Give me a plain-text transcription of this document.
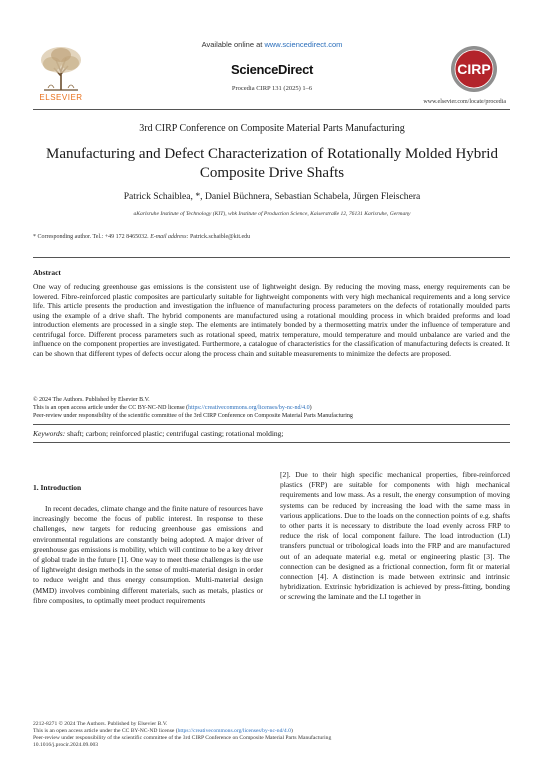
Available online at www.sciencedirect.com
ELSEVIER
ScienceDirect
Procedia CIRP 131 (2025) 1–6
CIRP
www.elsevier.com/locate/procedia
3rd CIRP Conference on Composite Material Parts Manufacturing
Manufacturing and Defect Characterization of Rotationally Molded Hybrid Composite Drive Shafts
Patrick Schaiblea, *, Daniel Büchnera, Sebastian Schabela, Jürgen Fleischera
aKarlsruhe Institute of Technology (KIT), wbk Institute of Production Science, Kaiserstraße 12, 76131 Karlsruhe, Germany
* Corresponding author. Tel.: +49 172 8465032. E-mail address: Patrick.schaible@kit.edu
Abstract
One way of reducing greenhouse gas emissions is the consistent use of lightweight design. By reducing the moving mass, energy requirements can be lowered. Fibre-reinforced plastic composites are particularly suitable for lightweight components with very high mechanical requirements and a long service life. This article presents the production and investigation the influence of manufacturing process parameters on the defects of rotationally moulded parts using the example of a drive shaft. The hybrid components are manufactured using a rotational moulding process in which braided preforms and load introduction elements are processed in a single step. The elements are intimately bonded by a thermosetting matrix under the influence of temperature and centrifugal force. Different process parameters such as rotational speed, matrix temperature, mould temperature and mould unbalance are varied and the influence on the component properties are investigated. Furthermore, a catalogue of characteristics for the classification of manufacturing defects is created. It can be shown that different types of defects occur along the process chain and suitable measurements to minimize the defects are proposed.
© 2024 The Authors. Published by Elsevier B.V.
This is an open access article under the CC BY-NC-ND license (https://creativecommons.org/licenses/by-nc-nd/4.0)
Peer-review under responsibility of the scientific committee of the 3rd CIRP Conference on Composite Material Parts Manufacturing
Keywords: shaft; carbon; reinforced plastic; centrifugal casting; rotational molding;
1. Introduction
In recent decades, climate change and the finite nature of resources have increasingly become the focus of public interest. In response to these challenges, new targets for reducing greenhouse gas emissions and environmental regulations are constantly being adopted. A major driver of greenhouse gas emissions is mobility, which will continue to be a key driver of global trade in the future [1]. One way to meet these challenges is the use of lightweight design methods in the sense of multi-material design in order to reduce weight and thus energy consumption. Multi-material design (MMD) involves combining different materials, such as metals, plastics or fibre composites, to optimally meet product requirements
[2]. Due to their high specific mechanical properties, fibre-reinforced plastics (FRP) are suitable for components with high mechanical requirements and low mass. As a result, the energy consumption of moving systems can be reduced by increasing the load with the same mass in various applications. Due to the loads on the connection points of e.g. shafts to other parts it is necessary to distribute the load evenly across FRP to reduce the risk of local component failure. The load introduction (LI) transfers punctual or tribological loads into the FRP and are manufactured out of an adequate material e.g. metal or engineering plastic [3]. The connection can be designed as a frictional connection, form fit or material connection [4]. A distinction is made between extrinsic and intrinsic hybridization. Extrinsic hybridization is achieved by press-fitting, bonding or screwing the laminate and the LI together in
2212-8271 © 2024 The Authors. Published by Elsevier B.V.
This is an open access article under the CC BY-NC-ND license (https://creativecommons.org/licenses/by-nc-nd/4.0)
Peer-review under responsibility of the scientific committee of the 3rd CIRP Conference on Composite Material Parts Manufacturing
10.1016/j.procir.2024.09.003
